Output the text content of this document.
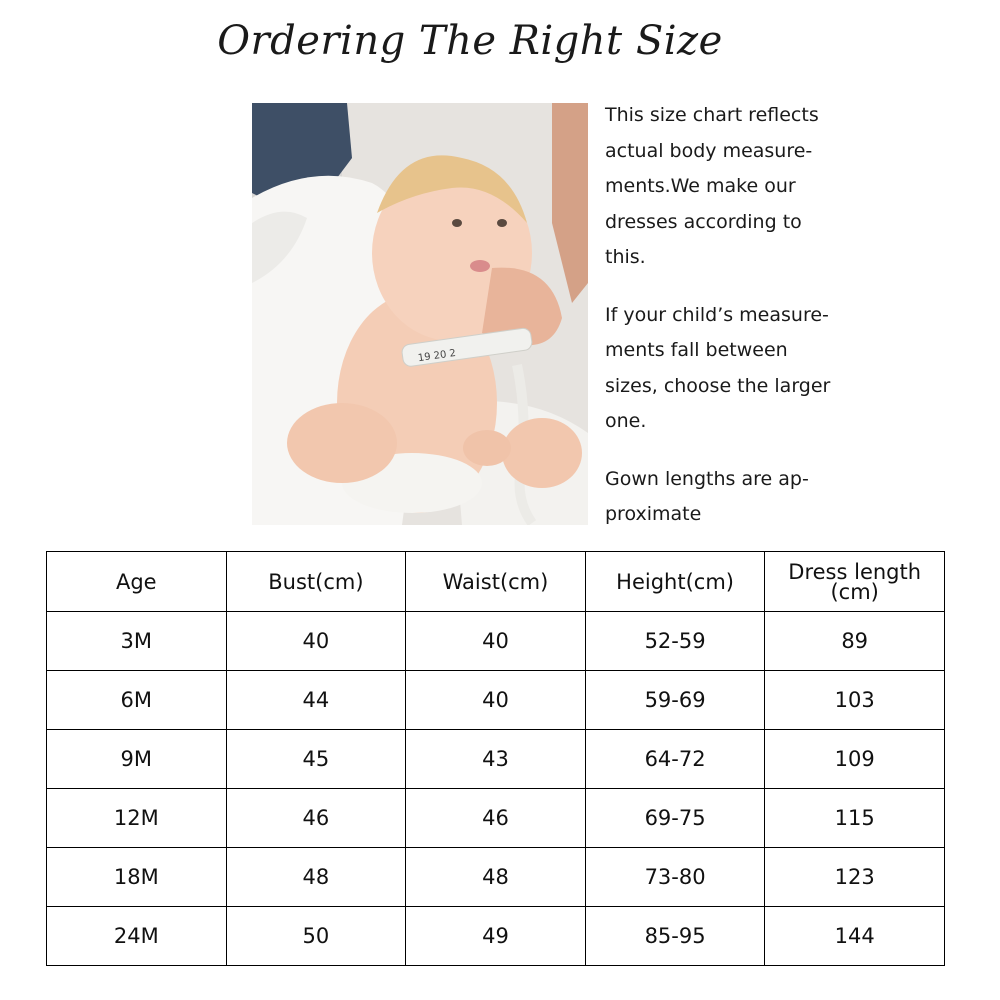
Ordering The Right Size
19 20 2

This size chart reflects
actual body measure-
ments.We make our
dresses according to
this.

If your child’s measure-
ments fall between
sizes, choose the larger
one.

Gown lengths are ap-
proximate

Age	Bust(cm)	Waist(cm)	Height(cm)	Dress length
(cm)

3M	40	40	52-59	89
6M	44	40	59-69	103
9M	45	43	64-72	109
12M	46	46	69-75	115
18M	48	48	73-80	123
24M	50	49	85-95	144
